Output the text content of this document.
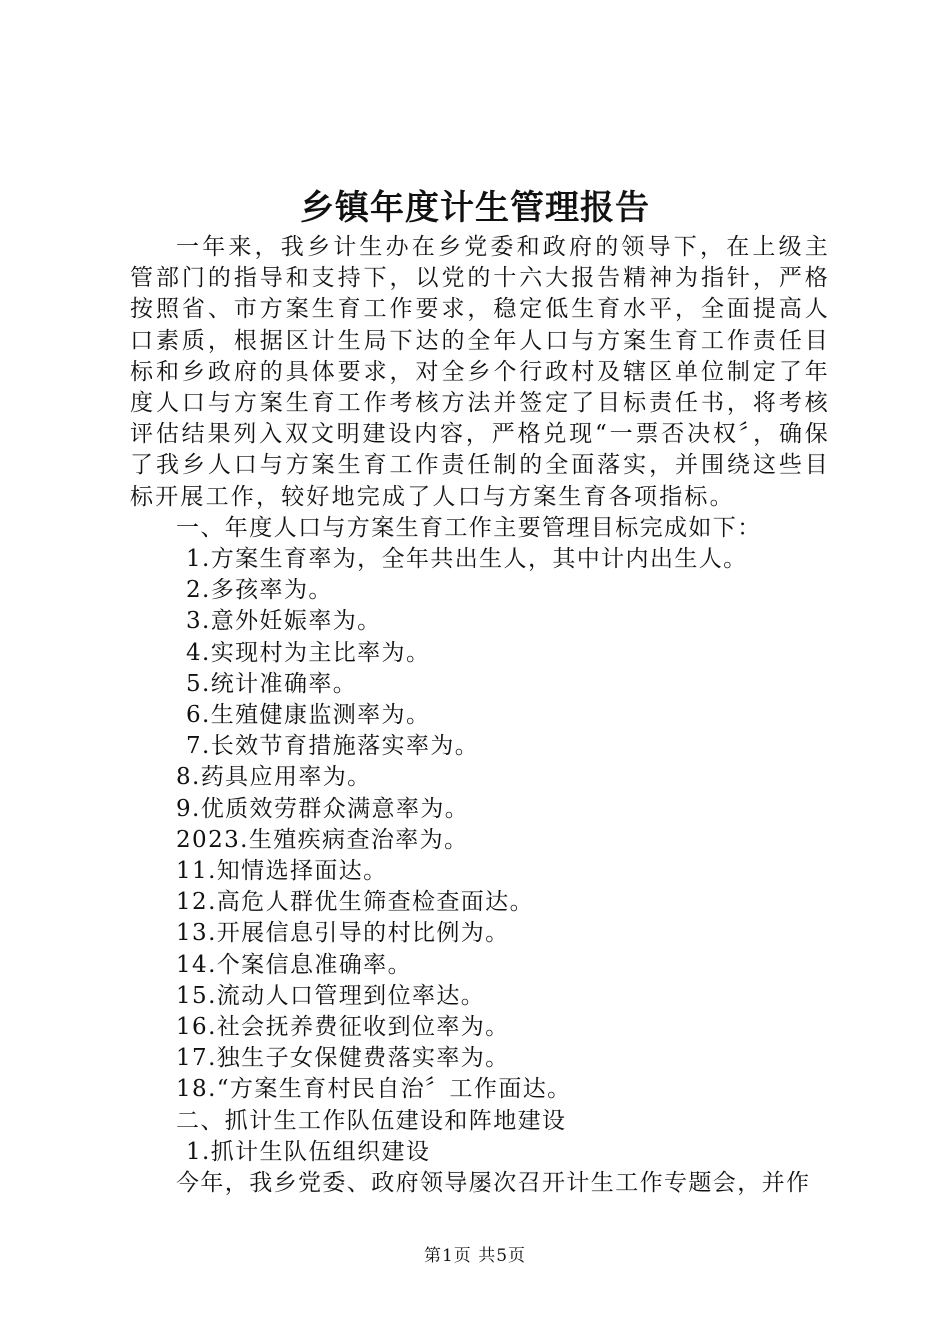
乡镇年度计生管理报告

一年来，我乡计生办在乡党委和政府的领导下，在上级主管部门的指导和支持下，以党的十六大报告精神为指针，严格按照省、市方案生育工作要求，稳定低生育水平，全面提高人口素质，根据区计生局下达的全年人口与方案生育工作责任目标和乡政府的具体要求，对全乡个行政村及辖区单位制定了年度人口与方案生育工作考核方法并签定了目标责任书，将考核评估结果列入双文明建设内容，严格兑现“一票否决权〞，确保了我乡人口与方案生育工作责任制的全面落实，并围绕这些目标开展工作，较好地完成了人口与方案生育各项指标。

一、年度人口与方案生育工作主要管理目标完成如下：

1.方案生育率为，全年共出生人，其中计内出生人。

2.多孩率为。

3.意外妊娠率为。

4.实现村为主比率为。

5.统计准确率。

6.生殖健康监测率为。

7.长效节育措施落实率为。

8.药具应用率为。

9.优质效劳群众满意率为。

2023.生殖疾病查治率为。

11.知情选择面达。

12.高危人群优生筛查检查面达。

13.开展信息引导的村比例为。

14.个案信息准确率。

15.流动人口管理到位率达。

16.社会抚养费征收到位率为。

17.独生子女保健费落实率为。

18.“方案生育村民自治〞工作面达。

二、抓计生工作队伍建设和阵地建设

1.抓计生队伍组织建设

今年，我乡党委、政府领导屡次召开计生工作专题会，并作

第1页 共5页
